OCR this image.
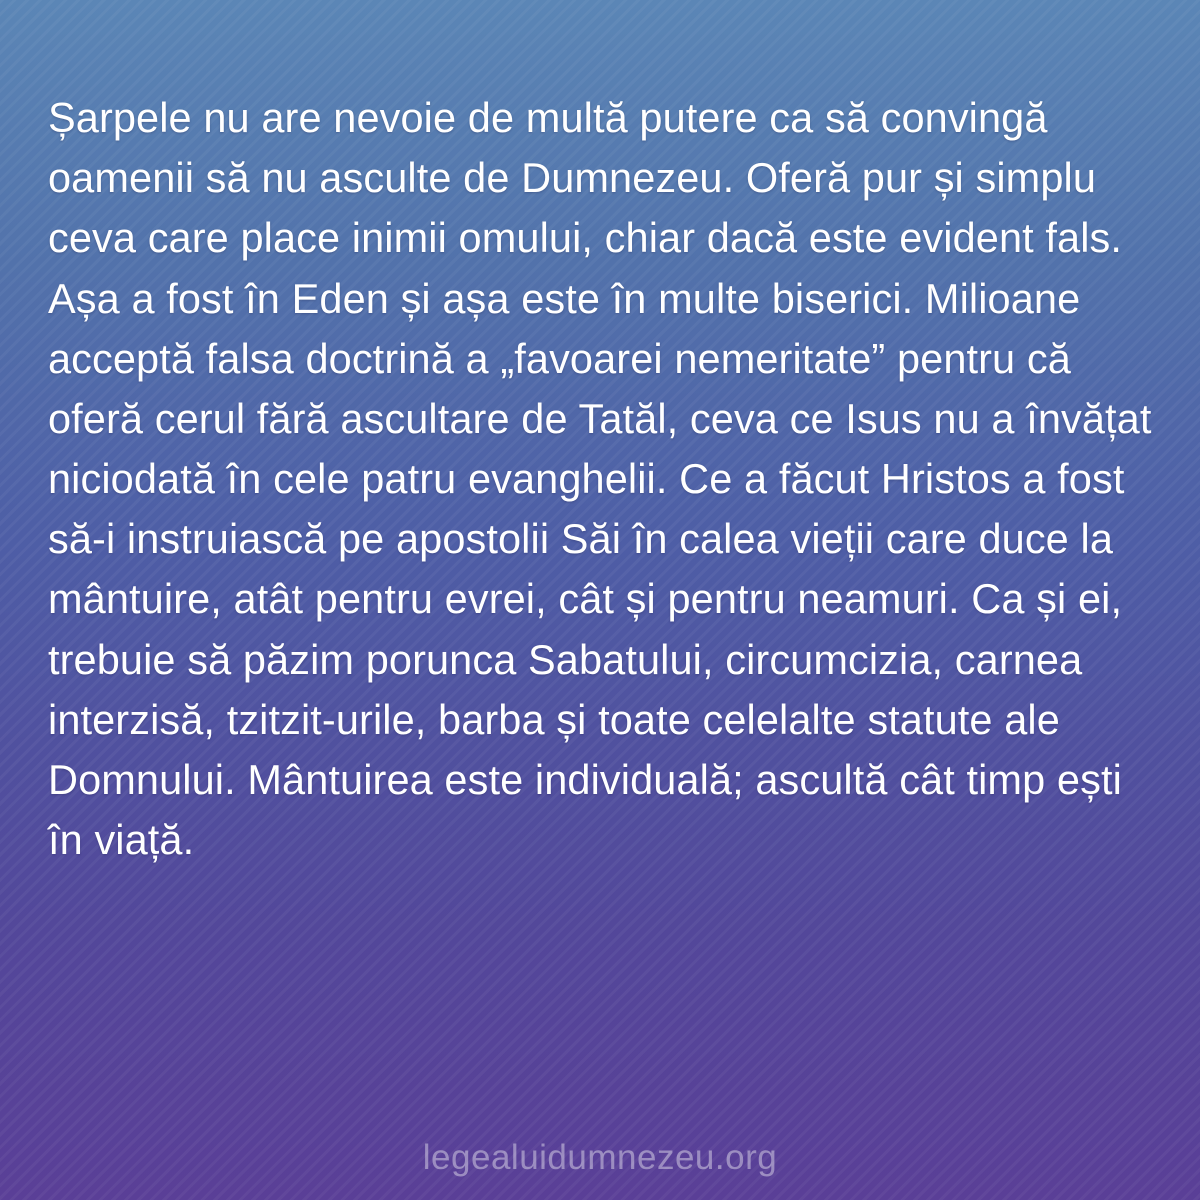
Șarpele nu are nevoie de multă putere ca să convingă oamenii să nu asculte de Dumnezeu. Oferă pur și simplu ceva care place inimii omului, chiar dacă este evident fals. Așa a fost în Eden și așa este în multe biserici. Milioane acceptă falsa doctrină a „favoarei nemeritate” pentru că oferă cerul fără ascultare de Tatăl, ceva ce Isus nu a învățat niciodată în cele patru evanghelii. Ce a făcut Hristos a fost să-i instruiască pe apostolii Săi în calea vieții care duce la mântuire, atât pentru evrei, cât și pentru neamuri. Ca și ei, trebuie să păzim porunca Sabatului, circumcizia, carnea interzisă, tzitzit-urile, barba și toate celelalte statute ale Domnului. Mântuirea este individuală; ascultă cât timp ești în viață.

legealuidumnezeu.org
